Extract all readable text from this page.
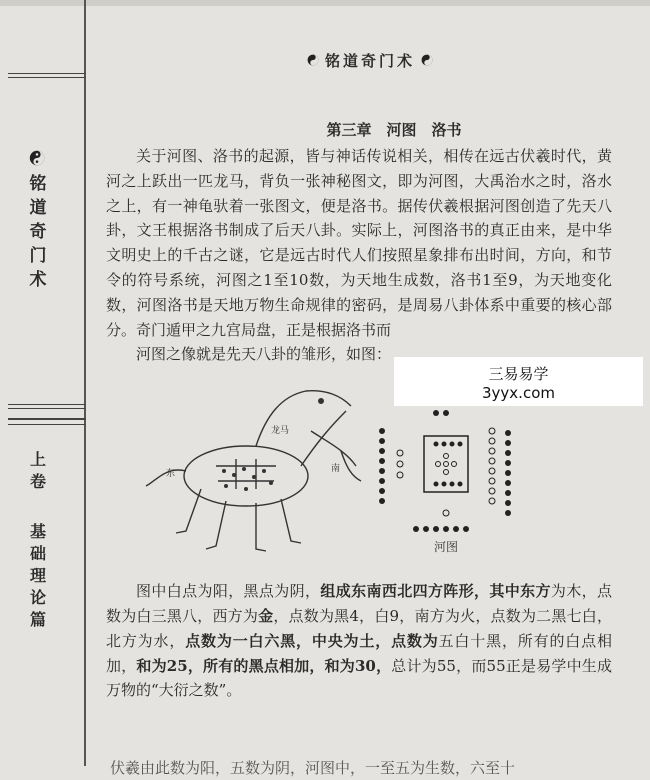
铭
道
奇
门
术
上
卷
基
础
理
论
篇
铭道奇门术
第三章　河图　洛书

关于河图、洛书的起源，皆与神话传说相关，相传在远古伏羲时代，黄河之上跃出一匹龙马，背负一张神秘图文，即为河图，大禹治水之时，洛水之上，有一神龟驮着一张图文，便是洛书。据传伏羲根据河图创造了先天八卦，文王根据洛书制成了后天八卦。实际上，河图洛书的真正由来，是中华文明史上的千古之谜，它是远古时代人们按照星象排布出时间，方向，和节令的符号系统，河图之1至10数，为天地生成数，洛书1至9，为天地变化数，河图洛书是天地万物生命规律的密码，是周易八卦体系中重要的核心部分。奇门遁甲之九宫局盘，正是根据洛书而

河图之像就是先天八卦的雏形，如图：

龙马
东	南
河图

图中白点为阳，黑点为阴，组成东南西北四方阵形，其中东方为木，点数为白三黑八，西方为金，点数为黑4，白9，南方为火，点数为二黑七白，北方为水，点数为一白六黑，中央为土，点数为五白十黑，所有的白点相加，和为25，所有的黑点相加，和为30，总计为55，而55正是易学中生成万物的“大衍之数”。

伏羲由此数为阳，五数为阴，河图中，一至五为生数，六至十
三易易学
3yyx.com
